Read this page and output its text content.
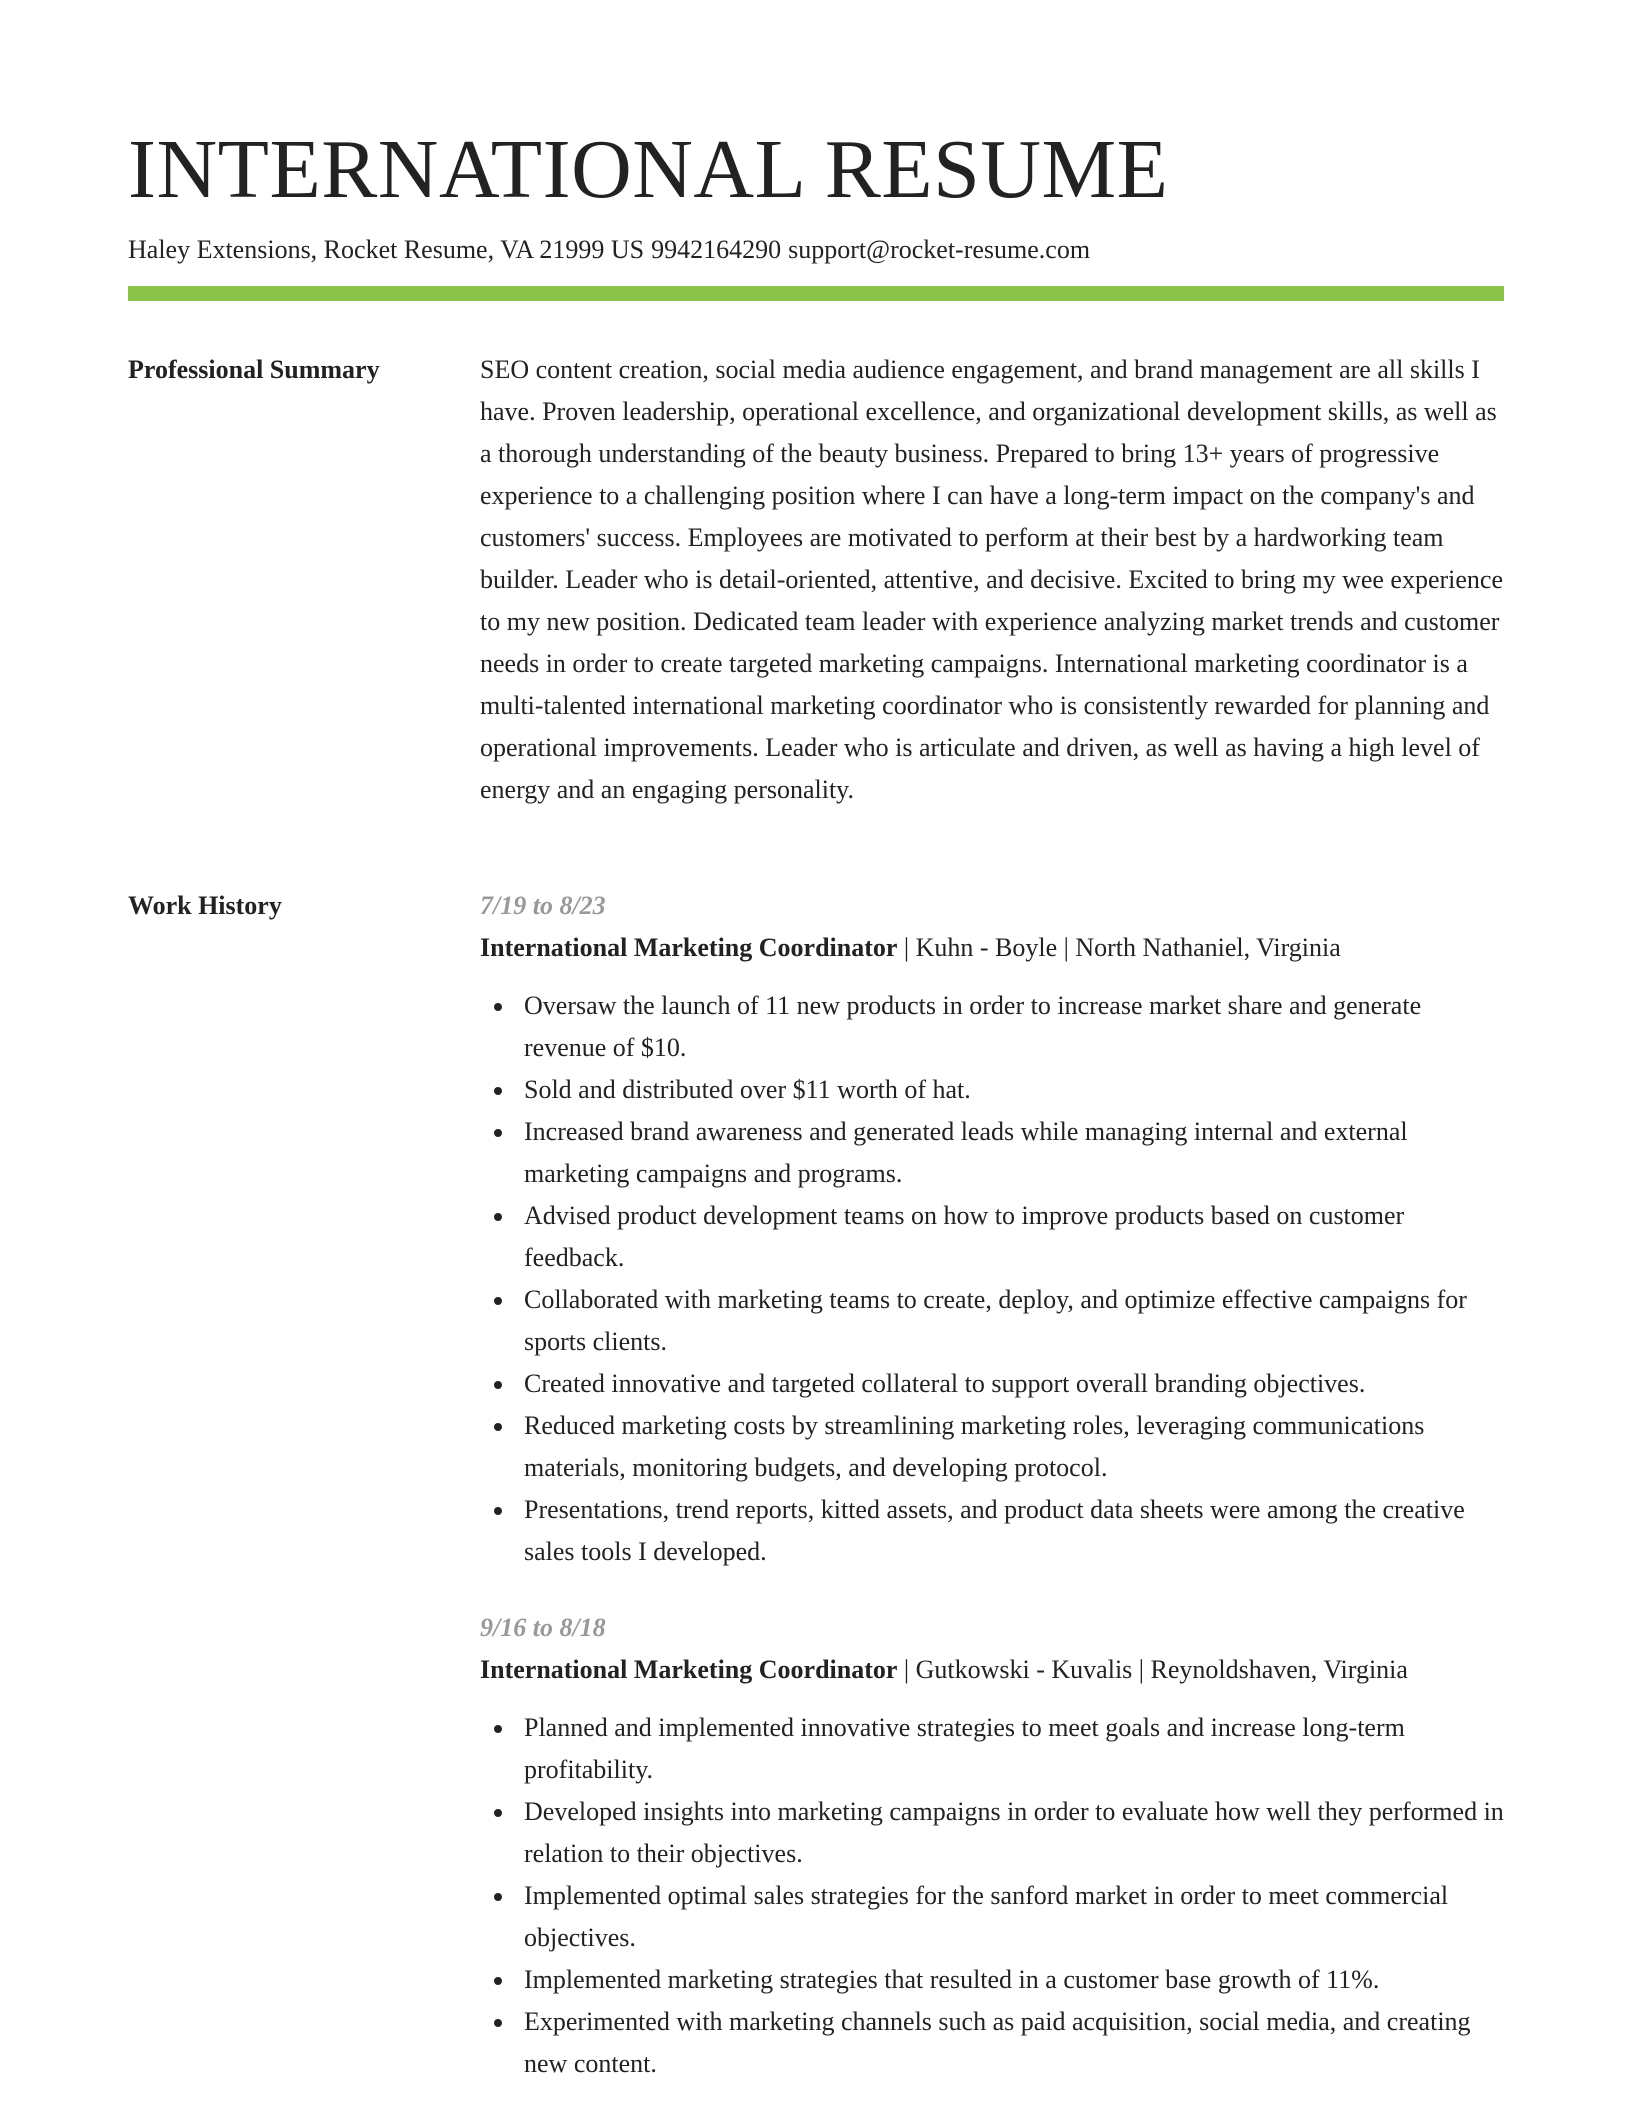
INTERNATIONAL RESUME
Haley Extensions, Rocket Resume, VA 21999 US 9942164290 support@rocket-resume.com
Professional Summary	SEO content creation, social media audience engagement, and brand management are all skills I have. Proven leadership, operational excellence, and organizational development skills, as well as a thorough understanding of the beauty business. Prepared to bring 13+ years of progressive experience to a challenging position where I can have a long-term impact on the company's and customers' success. Employees are motivated to perform at their best by a hardworking team builder. Leader who is detail-oriented, attentive, and decisive. Excited to bring my wee experience to my new position. Dedicated team leader with experience analyzing market trends and customer needs in order to create targeted marketing campaigns. International marketing coordinator is a multi-talented international marketing coordinator who is consistently rewarded for planning and operational improvements. Leader who is articulate and driven, as well as having a high level of energy and an engaging personality.

Work History	7/19 to 8/23
International Marketing Coordinator | Kuhn - Boyle | North Nathaniel, Virginia
Oversaw the launch of 11 new products in order to increase market share and generate revenue of $10.
Sold and distributed over $11 worth of hat.
Increased brand awareness and generated leads while managing internal and external marketing campaigns and programs.
Advised product development teams on how to improve products based on customer feedback.
Collaborated with marketing teams to create, deploy, and optimize effective campaigns for sports clients.
Created innovative and targeted collateral to support overall branding objectives.
Reduced marketing costs by streamlining marketing roles, leveraging communications materials, monitoring budgets, and developing protocol.
Presentations, trend reports, kitted assets, and product data sheets were among the creative sales tools I developed.
9/16 to 8/18
International Marketing Coordinator | Gutkowski - Kuvalis | Reynoldshaven, Virginia
Planned and implemented innovative strategies to meet goals and increase long-term profitability.
Developed insights into marketing campaigns in order to evaluate how well they performed in relation to their objectives.
Implemented optimal sales strategies for the sanford market in order to meet commercial objectives.
Implemented marketing strategies that resulted in a customer base growth of 11%.
Experimented with marketing channels such as paid acquisition, social media, and creating new content.
